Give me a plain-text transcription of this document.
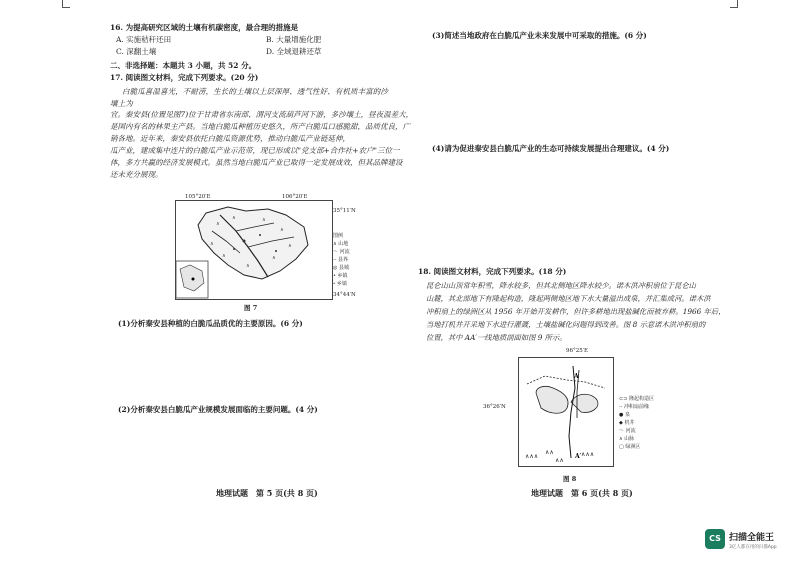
16. 为提高研究区域的土壤有机碳密度，最合理的措施是
A. 实施秸秆还田	B. 大量增施化肥
C. 深翻土壤	D. 全域退耕还草
二、非选择题：本题共 3 小题，共 52 分。
17. 阅读图文材料，完成下列要求。(20 分)
白脆瓜喜温喜光，不耐涝，生长的土壤以土层深厚、透气性好、有机质丰富的沙壤土为
宜。秦安县(位置见图7)位于甘肃省东南部、渭河支流葫芦河下游，多沙壤土，昼夜温差大，
是国内有名的林果主产县。当地白脆瓜种植历史悠久，所产白脆瓜口感脆甜，品质优良，广
销各地。近年来，秦安县依托白脆瓜资源优势，推动白脆瓜产业链延伸，
瓜产业，建成集中连片的白脆瓜产业示范带，现已形成以"党支部+合作社+农户"三位一
体，多方共赢的经济发展模式。虽然当地白脆瓜产业已取得一定发展成效，但其品牌建设
还未充分展现。
105°20′E	106°20′E
35°11′N
34°44′N
∧
∧	∧
∧
∧
∧
∧	∧
∧
图例
∧ 山地
～ 河流
-- 县界
◎ 县城
• 乡镇
∘ 乡镇
图 7
(1)分析秦安县种植的白脆瓜品质优的主要原因。(6 分)
(2)分析秦安县白脆瓜产业规模发展面临的主要问题。(4 分)
地理试题　第 5 页(共 8 页)
(3)简述当地政府在白脆瓜产业未来发展中可采取的措施。(6 分)
(4)请为促进秦安县白脆瓜产业的生态可持续发展提出合理建议。(4 分)
18. 阅读图文材料，完成下列要求。(18 分)
昆仑山山顶常年积雪，降水较多，但其北侧地区降水较少。诺木洪冲积扇位于昆仑山
山麓，其北部地下有隆起构造，隆起两侧地区地下水大量溢出成泉，并汇集成河。诺木洪
冲积扇上的绿洲区从 1956 年开始开发耕作，但许多耕地出现盐碱化而被弃耕。1966 年后，
当地打机井开采地下水进行灌溉，土壤盐碱化问题得到改善。图 8 示意诺木洪冲积扇的
位置，其中 AA′一线地质剖面如图 9 所示。
96°25′E
36°26′N
∧∧∧
∧∧	∧∧∧
∧∧
A
A′
⊂⊃ 隆起构造区
-- 冲积扇前缘
● 泉
◆ 机井
～ 河流
∧ 山脉
▢ 绿洲区
图 8
地理试题　第 6 页(共 8 页)
CS 扫描全能王
3亿人都在用的扫描App
